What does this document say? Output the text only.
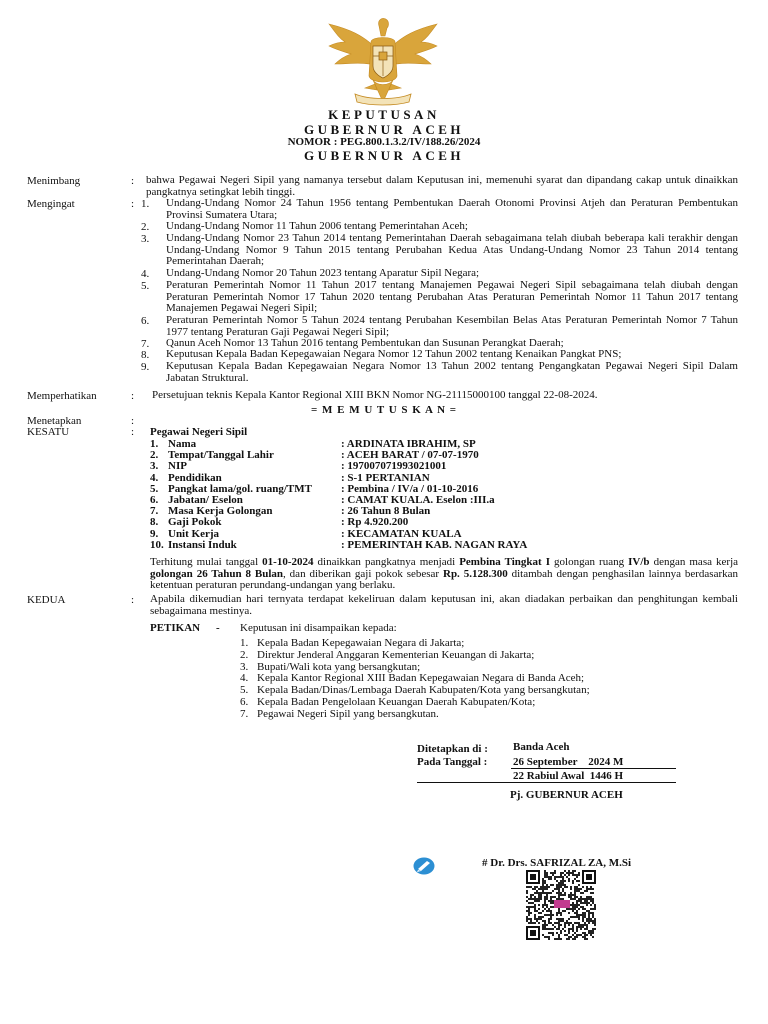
KEPUTUSAN
GUBERNUR ACEH
NOMOR : PEG.800.1.3.2/IV/188.26/2024
GUBERNUR ACEH
Menimbang	: bahwa Pegawai Negeri Sipil yang namanya tersebut dalam Keputusan ini, memenuhi syarat dan dipandang cakap untuk dinaikkan pangkatnya setingkat lebih tinggi.
Mengingat	: 1.	Undang-Undang Nomor 24 Tahun 1956 tentang Pembentukan Daerah Otonomi Provinsi Atjeh dan Peraturan Pembentukan Provinsi Sumatera Utara;
2.	Undang-Undang Nomor 11 Tahun 2006 tentang Pemerintahan Aceh;
3.	Undang-Undang Nomor 23 Tahun 2014 tentang Pemerintahan Daerah sebagaimana telah diubah beberapa kali terakhir dengan Undang-Undang Nomor 9 Tahun 2015 tentang Perubahan Kedua Atas Undang-Undang Nomor 23 Tahun 2014 tentang Pemerintahan Daerah;
4.	Undang-Undang Nomor 20 Tahun 2023 tentang Aparatur Sipil Negara;
5.	Peraturan Pemerintah Nomor 11 Tahun 2017 tentang Manajemen Pegawai Negeri Sipil sebagaimana telah diubah dengan Peraturan Pemerintah Nomor 17 Tahun 2020 tentang Perubahan Atas Peraturan Pemerintah Nomor 11 Tahun 2017 tentang Manajemen Pegawai Negeri Sipil;
6.	Peraturan Pemerintah Nomor 5 Tahun 2024 tentang Perubahan Kesembilan Belas Atas Peraturan Pemerintah Nomor 7 Tahun 1977 tentang Peraturan Gaji Pegawai Negeri Sipil;
7.	Qanun Aceh Nomor 13 Tahun 2016 tentang Pembentukan dan Susunan Perangkat Daerah;
8.	Keputusan Kepala Badan Kepegawaian Negara Nomor 12 Tahun 2002 tentang Kenaikan Pangkat PNS;
9.	Keputusan Kepala Badan Kepegawaian Negara Nomor 13 Tahun 2002 tentang Pengangkatan Pegawai Negeri Sipil Dalam Jabatan Struktural.
Memperhatikan	: Persetujuan teknis Kepala Kantor Regional XIII BKN Nomor NG-21115000100 tanggal 22-08-2024.
= M E M U T U S K A N =
Menetapkan	:
KESATU	: Pegawai Negeri Sipil
1. Nama	: ARDINATA IBRAHIM, SP
2. Tempat/Tanggal Lahir	: ACEH BARAT / 07-07-1970
3. NIP	: 197007071993021001
4. Pendidikan	: S-1 PERTANIAN
5. Pangkat lama/gol. ruang/TMT	: Pembina / IV/a / 01-10-2016
6. Jabatan/ Eselon	: CAMAT KUALA. Eselon :III.a
7. Masa Kerja Golongan	: 26 Tahun 8 Bulan
8. Gaji Pokok	: Rp 4.920.200
9. Unit Kerja	: KECAMATAN KUALA
10. Instansi Induk	: PEMERINTAH KAB. NAGAN RAYA
Terhitung mulai tanggal 01-10-2024 dinaikkan pangkatnya menjadi Pembina Tingkat I golongan ruang IV/b dengan masa kerja golongan 26 Tahun 8 Bulan, dan diberikan gaji pokok sebesar Rp. 5.128.300 ditambah dengan penghasilan lainnya berdasarkan ketentuan peraturan perundang-undangan yang berlaku.
KEDUA	: Apabila dikemudian hari ternyata terdapat kekeliruan dalam keputusan ini, akan diadakan perbaikan dan penghitungan kembali sebagaimana mestinya.
PETIKAN - Keputusan ini disampaikan kepada:
1. Kepala Badan Kepegawaian Negara di Jakarta;
2. Direktur Jenderal Anggaran Kementerian Keuangan di Jakarta;
3. Bupati/Wali kota yang bersangkutan;
4. Kepala Kantor Regional XIII Badan Kepegawaian Negara di Banda Aceh;
5. Kepala Badan/Dinas/Lembaga Daerah Kabupaten/Kota yang bersangkutan;
6. Kepala Badan Pengelolaan Keuangan Daerah Kabupaten/Kota;
7. Pegawai Negeri Sipil yang bersangkutan.
Ditetapkan di : Banda Aceh
Pada Tanggal : 26 September    2024 M
22 Rabiul Awal  1446 H
Pj. GUBERNUR ACEH
# Dr. Drs. SAFRIZAL ZA, M.Si
